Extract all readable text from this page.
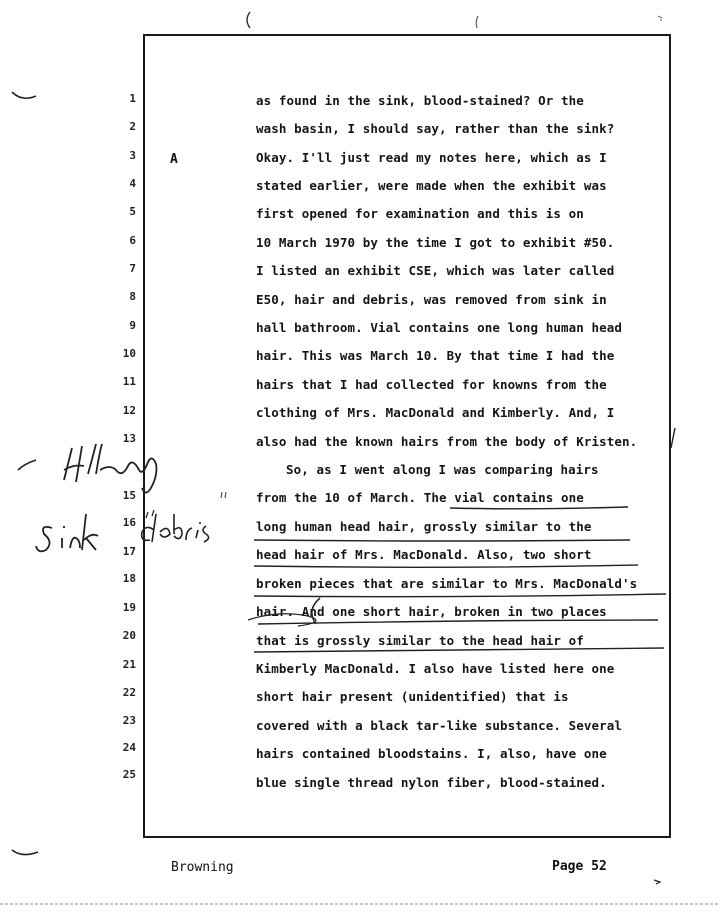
1
2
3
4
5
6
7
8
9
10
11
12
13
15
16
17
18
19
20
21
22
23
24
25
A
as found in the sink, blood-stained? Or the
wash basin, I should say, rather than the sink?
Okay. I'll just read my notes here, which as I
stated earlier, were made when the exhibit was
first opened for examination and this is on
10 March 1970 by the time I got to exhibit #50.
I listed an exhibit CSE, which was later called
E50, hair and debris, was removed from sink in
hall bathroom. Vial contains one long human head
hair. This was March 10. By that time I had the
hairs that I had collected for knowns from the
clothing of Mrs. MacDonald and Kimberly. And, I
also had the known hairs from the body of Kristen.
So, as I went along I was comparing hairs
from the 10 of March. The vial contains one
long human head hair, grossly similar to the
head hair of Mrs. MacDonald. Also, two short
broken pieces that are similar to Mrs. MacDonald's
hair. And one short hair, broken in two places
that is grossly similar to the head hair of
Kimberly MacDonald. I also have listed here one
short hair present (unidentified) that is
covered with a black tar-like substance. Several
hairs contained bloodstains. I, also, have one
blue single thread nylon fiber, blood-stained.
Browning	Page 52
